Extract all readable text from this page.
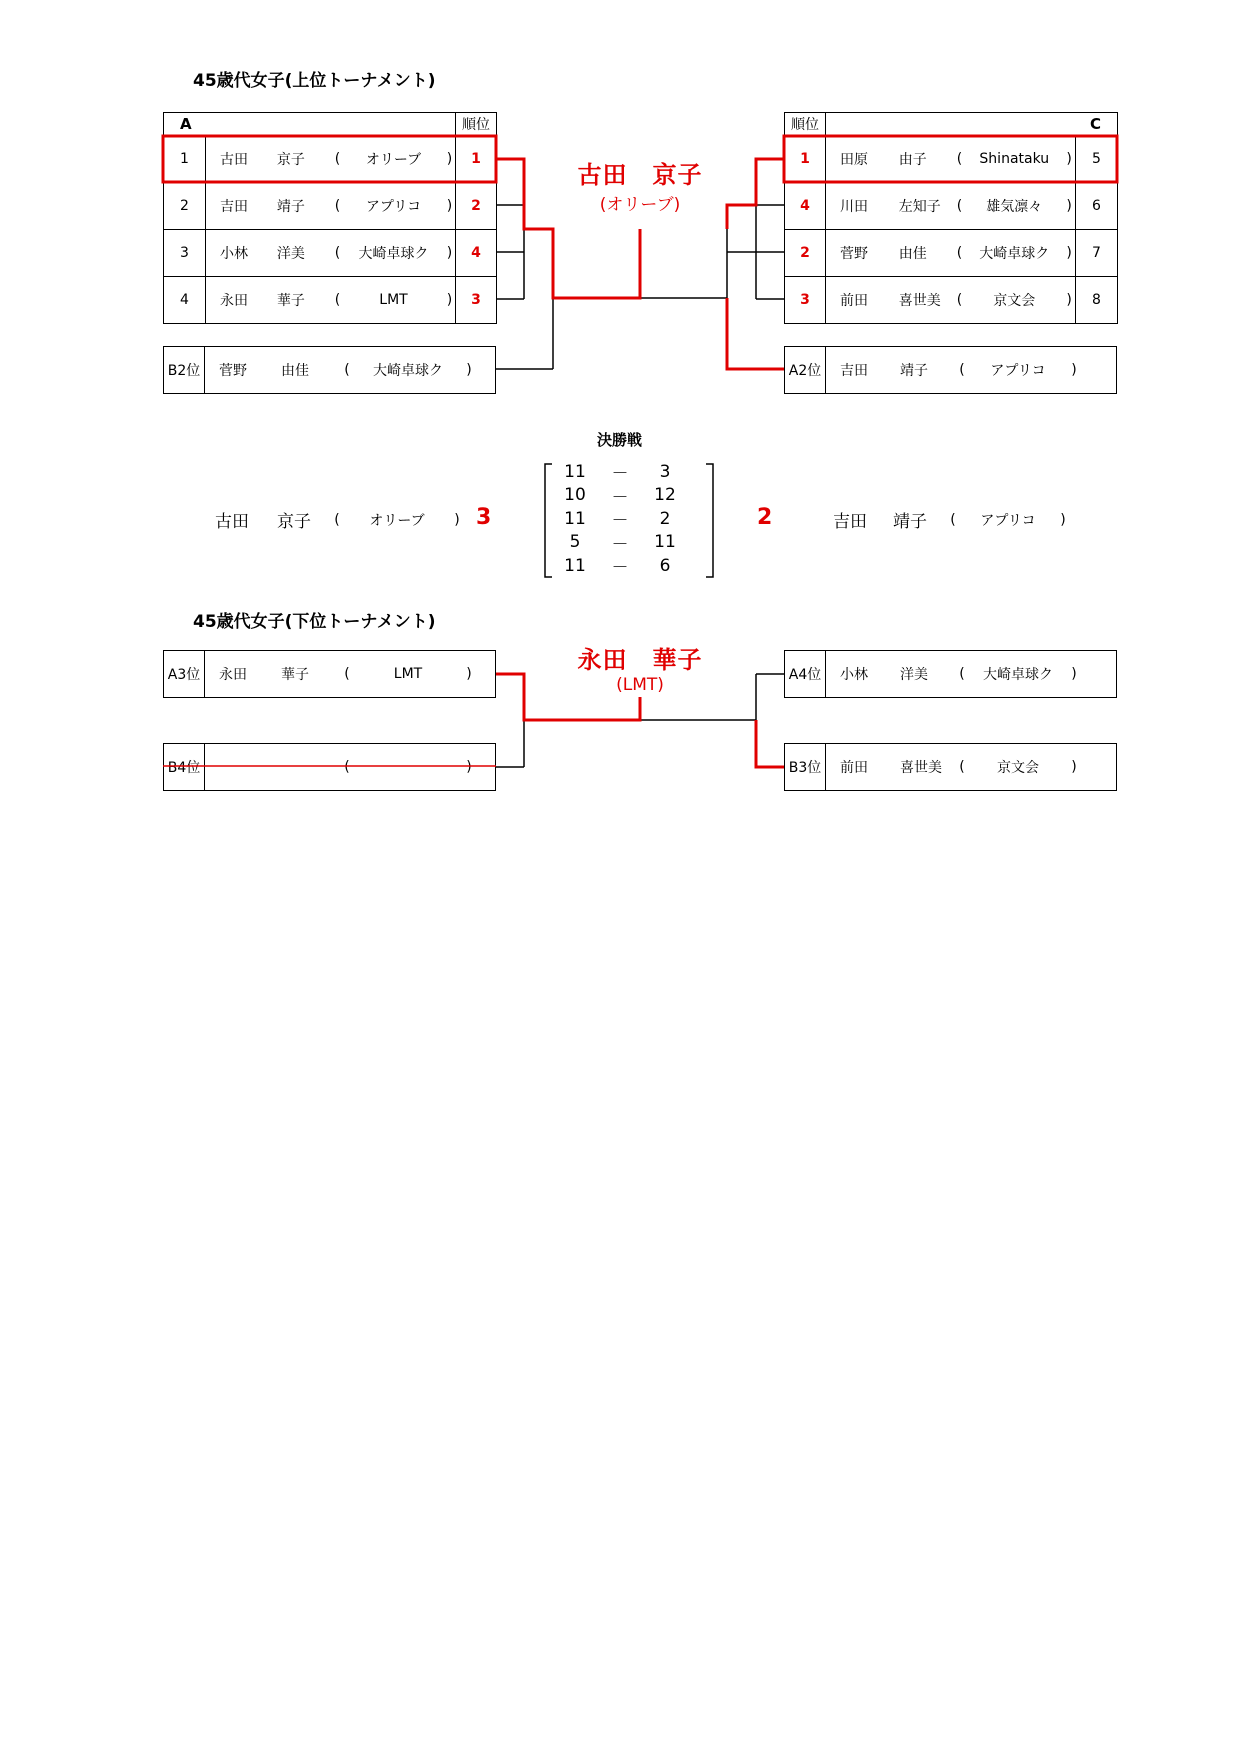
45歳代女子(上位トーナメント)
A		順位
1	古田 京子 ( オリーブ )	1
2	吉田 靖子 ( アプリコ )	2
3	小林 洋美 ( 大崎卓球ク )	4
4	永田 華子 ( LMT )	3
順位	C	
1	田原 由子 ( Shinataku )	5
4	川田 左知子 ( 雄気凛々 )	6
2	菅野 由佳 ( 大崎卓球ク )	7
3	前田 喜世美 ( 京文会 )	8
B2位	菅野	由佳	(	大崎卓球ク	)	A2位	吉田	靖子	(	アプリコ	)
古田　京子
(オリーブ)
決勝戦
古田	京子	(	オリーブ	) 3	2	吉田	靖子	(	アプリコ	)
11	－	3
10	－	12
11	－	2
5	－	11
11	－	6
45歳代女子(下位トーナメント)
A3位	永田	華子	(	LMT	)
B4位	(	)
A4位	小林	洋美	(	大崎卓球ク	)
B3位	前田	喜世美	(	京文会	)
永田　華子
(LMT)
